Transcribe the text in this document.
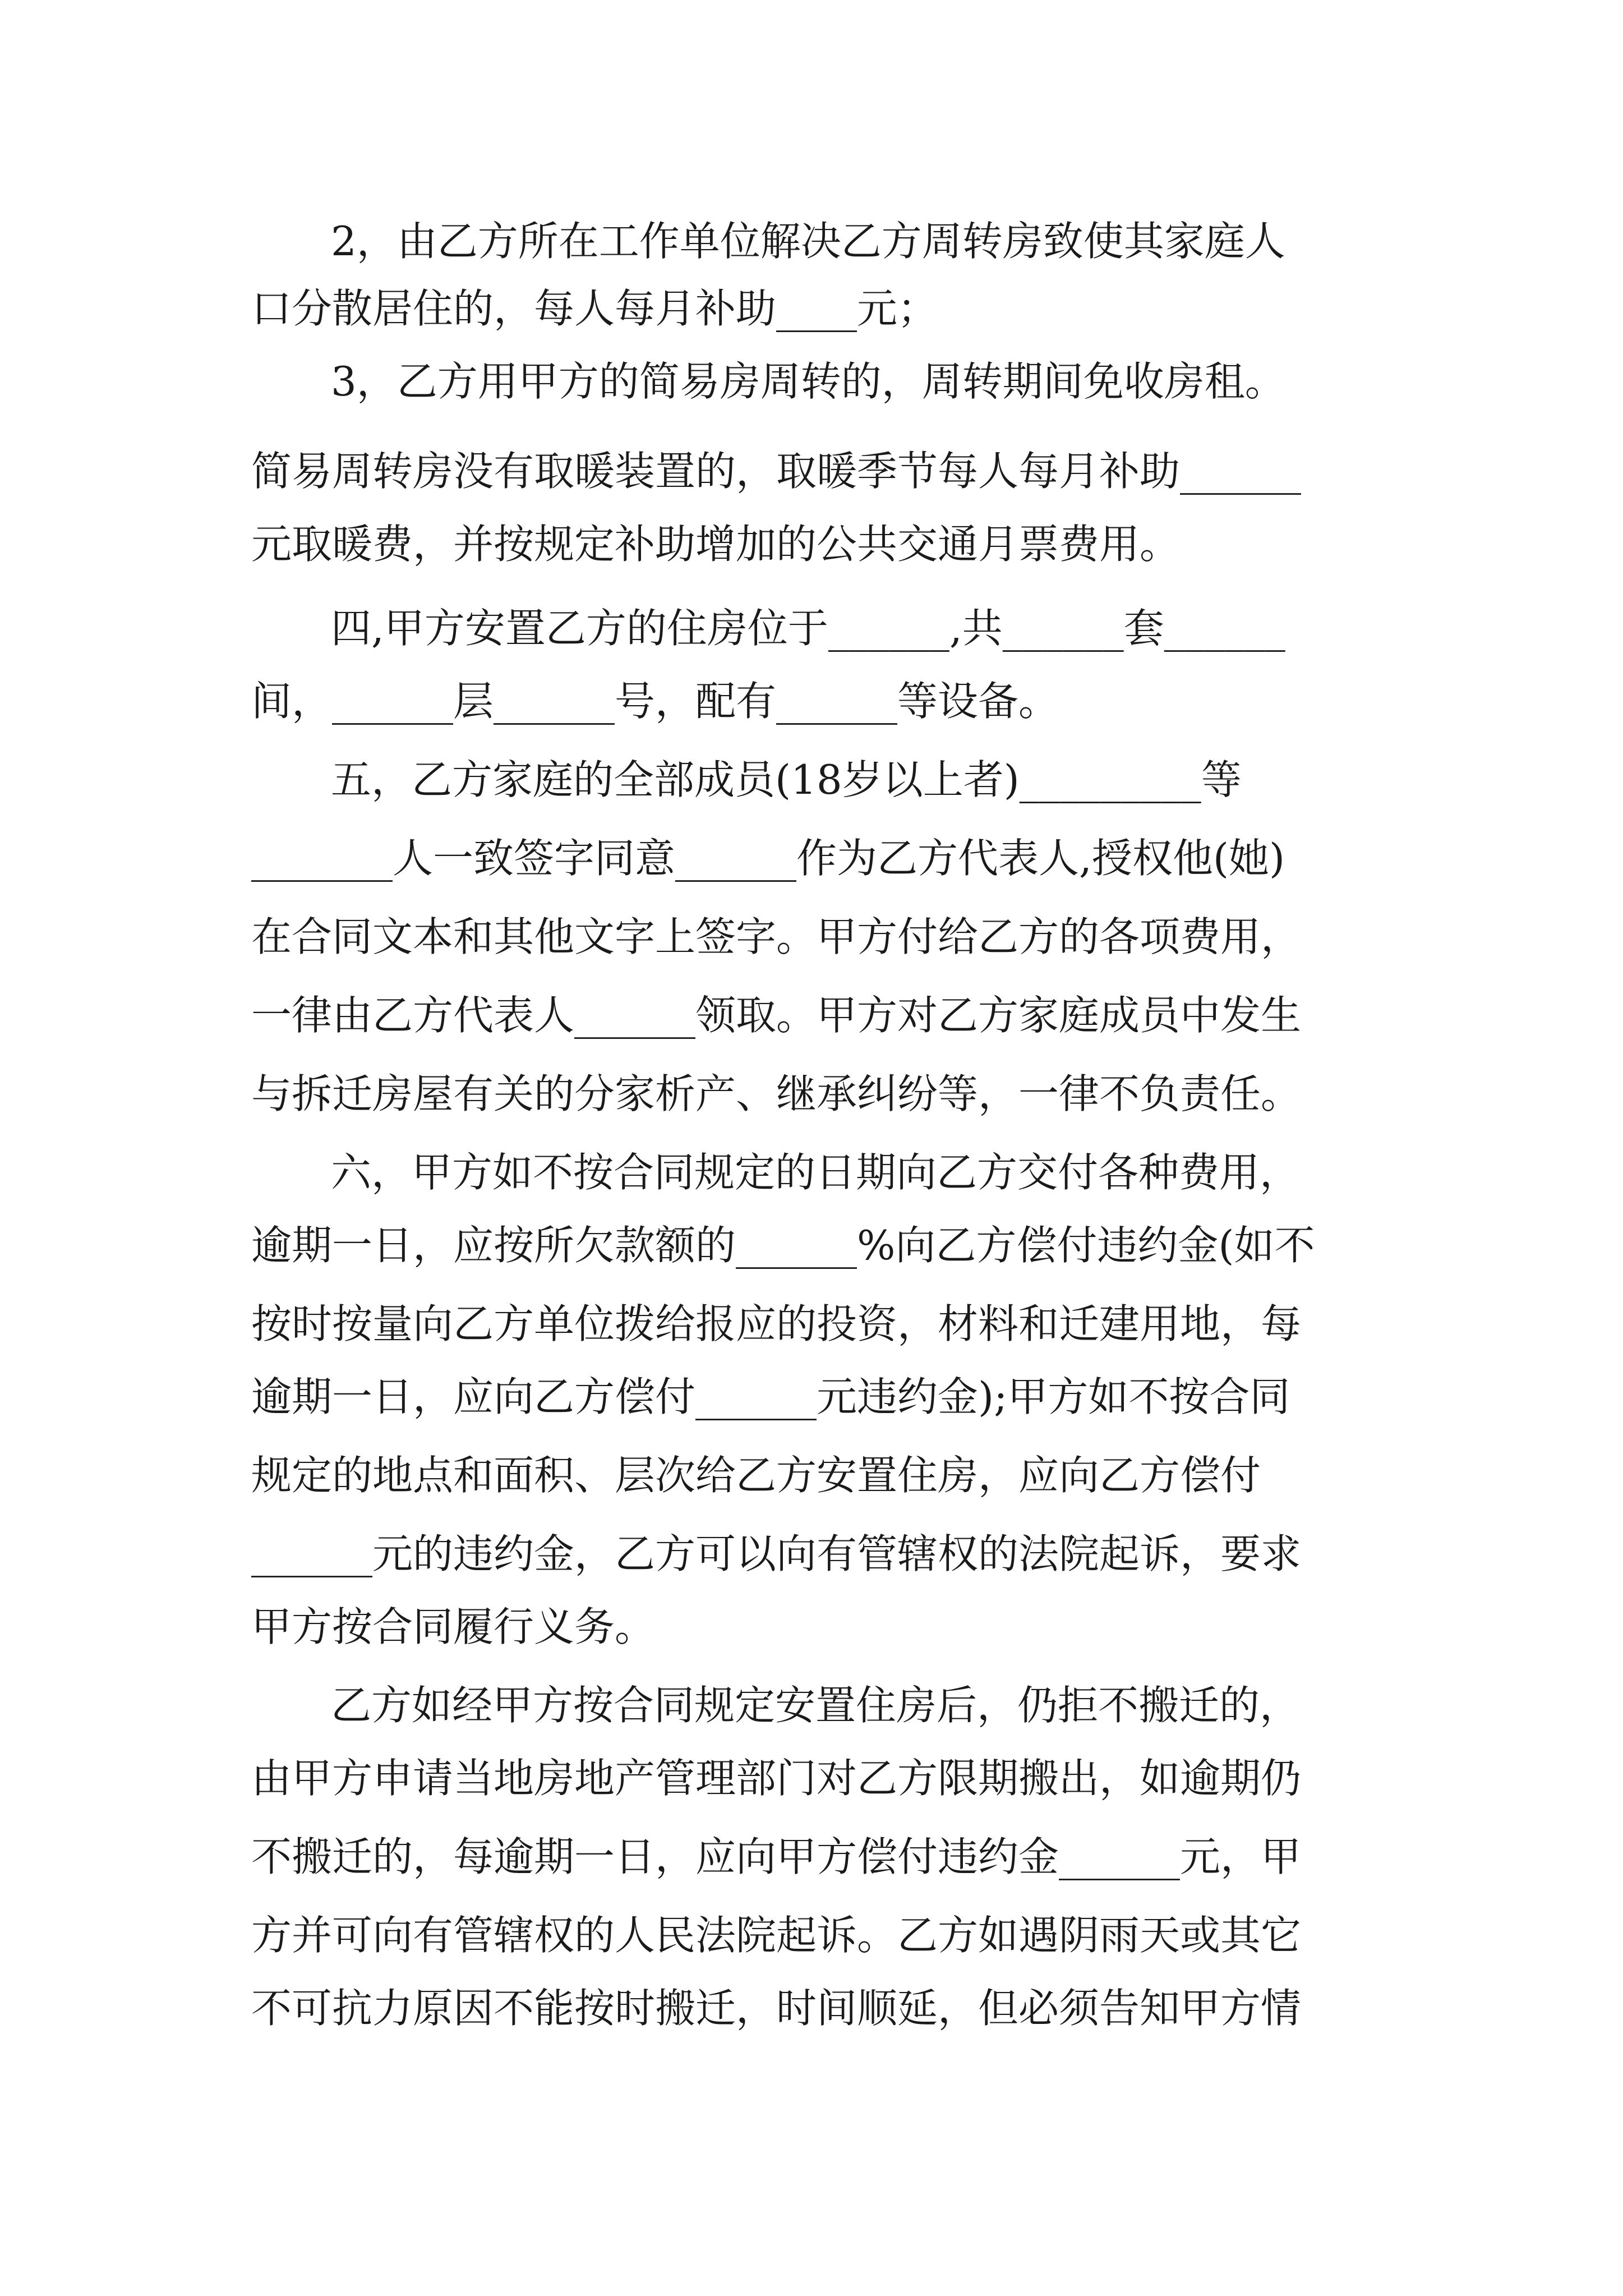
2，由乙方所在工作单位解决乙方周转房致使其家庭人
口分散居住的，每人每月补助____元；
3，乙方用甲方的简易房周转的，周转期间免收房租。
简易周转房没有取暖装置的，取暖季节每人每月补助______
元取暖费，并按规定补助增加的公共交通月票费用。
四,甲方安置乙方的住房位于______,共______套______
间，______层______号，配有______等设备。
五，乙方家庭的全部成员(18岁以上者)_________等
_______人一致签字同意______作为乙方代表人,授权他(她)
在合同文本和其他文字上签字。甲方付给乙方的各项费用，
一律由乙方代表人______领取。甲方对乙方家庭成员中发生
与拆迁房屋有关的分家析产、继承纠纷等，一律不负责任。
六，甲方如不按合同规定的日期向乙方交付各种费用，
逾期一日，应按所欠款额的______%向乙方偿付违约金(如不
按时按量向乙方单位拨给报应的投资，材料和迁建用地，每
逾期一日，应向乙方偿付______元违约金);甲方如不按合同
规定的地点和面积、层次给乙方安置住房，应向乙方偿付
______元的违约金，乙方可以向有管辖权的法院起诉，要求
甲方按合同履行义务。
乙方如经甲方按合同规定安置住房后，仍拒不搬迁的，
由甲方申请当地房地产管理部门对乙方限期搬出，如逾期仍
不搬迁的，每逾期一日，应向甲方偿付违约金______元，甲
方并可向有管辖权的人民法院起诉。乙方如遇阴雨天或其它
不可抗力原因不能按时搬迁，时间顺延，但必须告知甲方情
